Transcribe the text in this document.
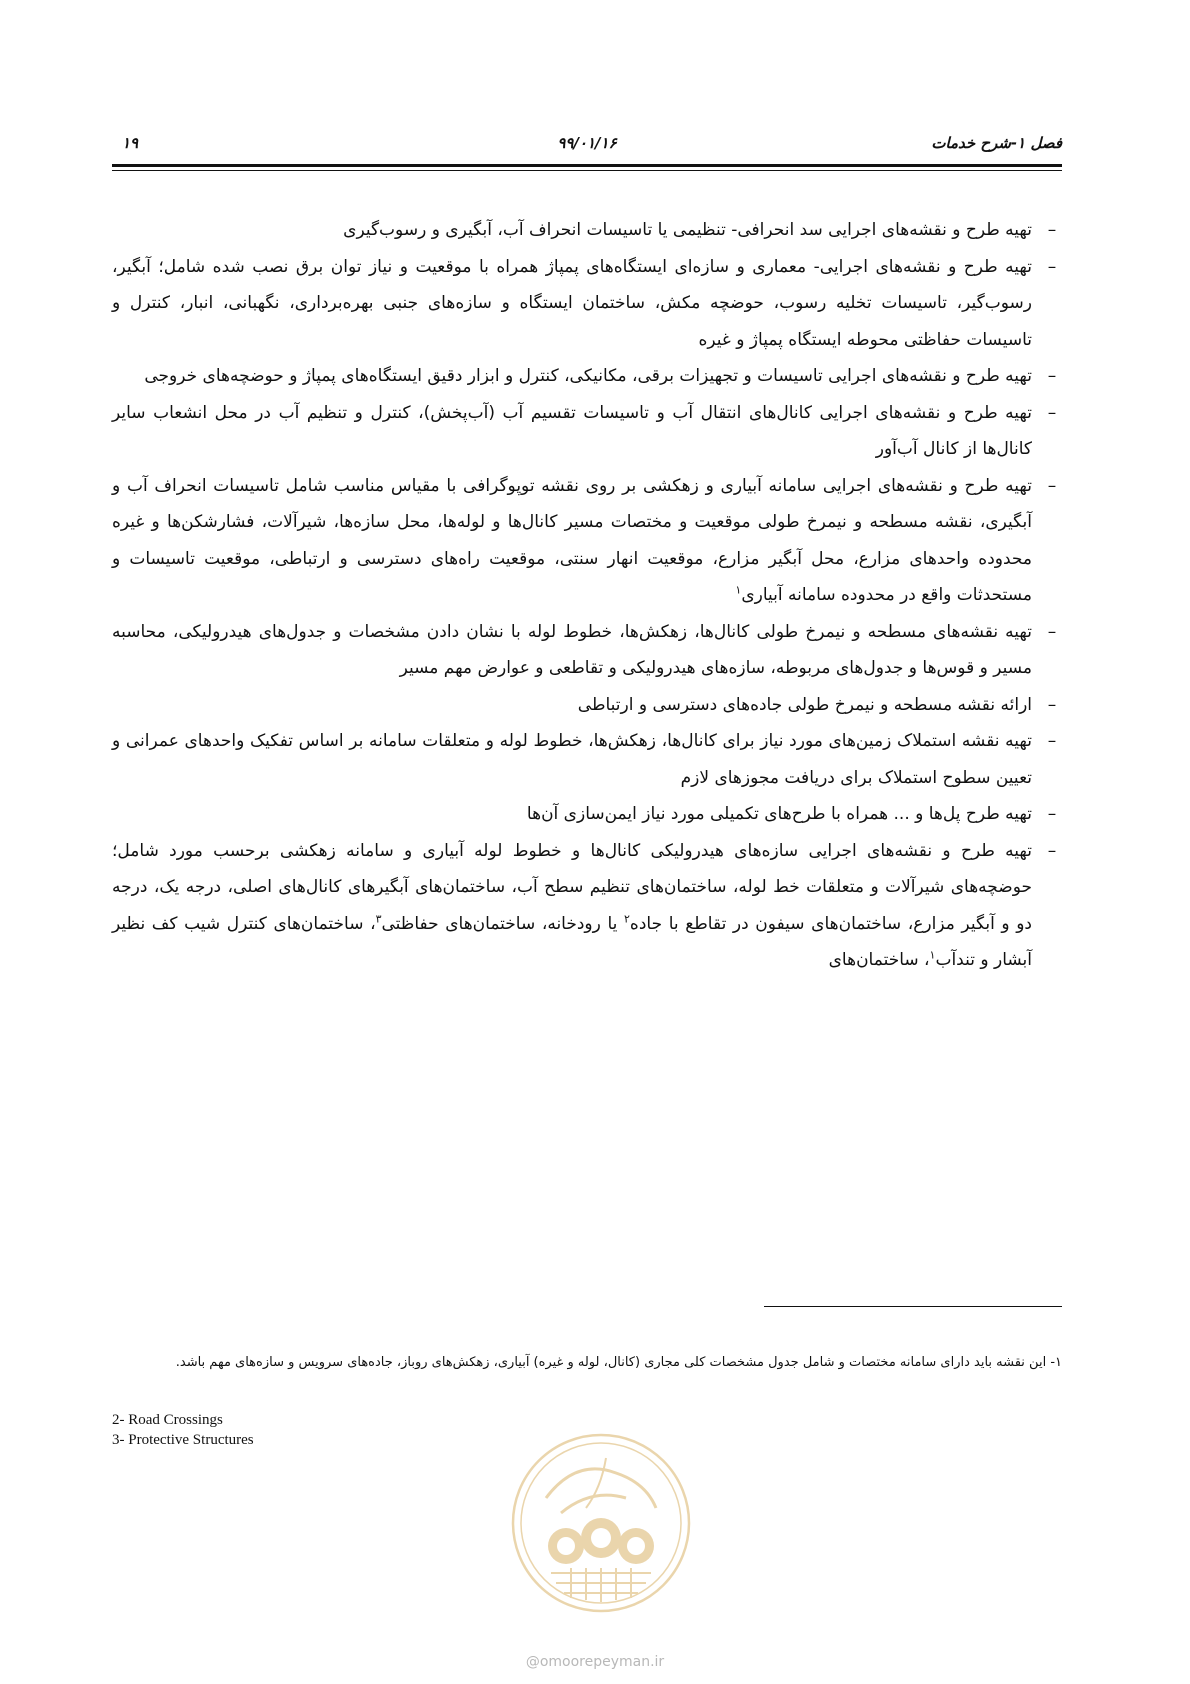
فصل ۱-شرح خدمات
۹۹/۰۱/۱۶
۱۹

–
تهیه طرح و نقشه‌های اجرایی سد انحرافی- تنظیمی یا تاسیسات انحراف آب، آبگیری و رسوب‌گیری

–
تهیه طرح و نقشه‌های اجرایی- معماری و سازه‌ای ایستگاه‌های پمپاژ همراه با موقعیت و نیاز توان برق نصب شده شامل؛ آبگیر، رسوب‌گیر، تاسیسات تخلیه رسوب، حوضچه مکش، ساختمان ایستگاه و سازه‌های جنبی بهره‌برداری، نگهبانی، انبار، کنترل و تاسیسات حفاظتی محوطه ایستگاه پمپاژ و غیره

–
تهیه طرح و نقشه‌های اجرایی تاسیسات و تجهیزات برقی، مکانیکی، کنترل و ابزار دقیق ایستگاه‌های پمپاژ و حوضچه‌های خروجی

–
تهیه طرح و نقشه‌های اجرایی کانال‌های انتقال آب و تاسیسات تقسیم آب (آب‌پخش)، کنترل و تنظیم آب در محل انشعاب سایر کانال‌ها از کانال آب‌آور

–
تهیه طرح و نقشه‌های اجرایی سامانه آبیاری و زهکشی بر روی نقشه توپوگرافی با مقیاس مناسب شامل تاسیسات انحراف آب و آبگیری، نقشه مسطحه و نیمرخ طولی موقعیت و مختصات مسیر کانال‌ها و لوله‌ها، محل سازه‌ها، شیرآلات، فشارشکن‌ها و غیره محدوده واحدهای مزارع، محل آبگیر مزارع، موقعیت انهار سنتی، موقعیت راه‌های دسترسی و ارتباطی، موقعیت تاسیسات و مستحدثات واقع در محدوده سامانه آبیاری$^۱$

–
تهیه نقشه‌های مسطحه و نیمرخ طولی کانال‌ها، زهکش‌ها، خطوط لوله با نشان دادن مشخصات و جدول‌های هیدرولیکی، محاسبه مسیر و قوس‌ها و جدول‌های مربوطه، سازه‌های هیدرولیکی و تقاطعی و عوارض مهم مسیر

–
ارائه نقشه مسطحه و نیمرخ طولی جاده‌های دسترسی و ارتباطی

–
تهیه نقشه استملاک زمین‌های مورد نیاز برای کانال‌ها، زهکش‌ها، خطوط لوله و متعلقات سامانه بر اساس تفکیک واحدهای عمرانی و تعیین سطوح استملاک برای دریافت مجوزهای لازم

–
تهیه طرح پل‌ها و ... همراه با طرح‌های تکمیلی مورد نیاز ایمن‌سازی آن‌ها

–
تهیه طرح و نقشه‌های اجرایی سازه‌های هیدرولیکی کانال‌ها و خطوط لوله آبیاری و سامانه زهکشی برحسب مورد شامل؛ حوضچه‌های شیرآلات و متعلقات خط لوله، ساختمان‌های تنظیم سطح آب، ساختمان‌های آبگیرهای کانال‌های اصلی، درجه یک، درجه دو و آبگیر مزارع، ساختمان‌های سیفون در تقاطع با جاده$^۲$ یا رودخانه، ساختمان‌های حفاظتی$^۳$، ساختمان‌های کنترل شیب کف نظیر آبشار و تندآب$^۱$، ساختمان‌های

۱- این نقشه باید دارای سامانه مختصات و شامل جدول مشخصات کلی مجاری (کانال، لوله و غیره) آبیاری، زهکش‌های روباز، جاده‌های سرویس و سازه‌های مهم باشد.
2- Road Crossings
3- Protective Structures
@omoorepeyman.ir
